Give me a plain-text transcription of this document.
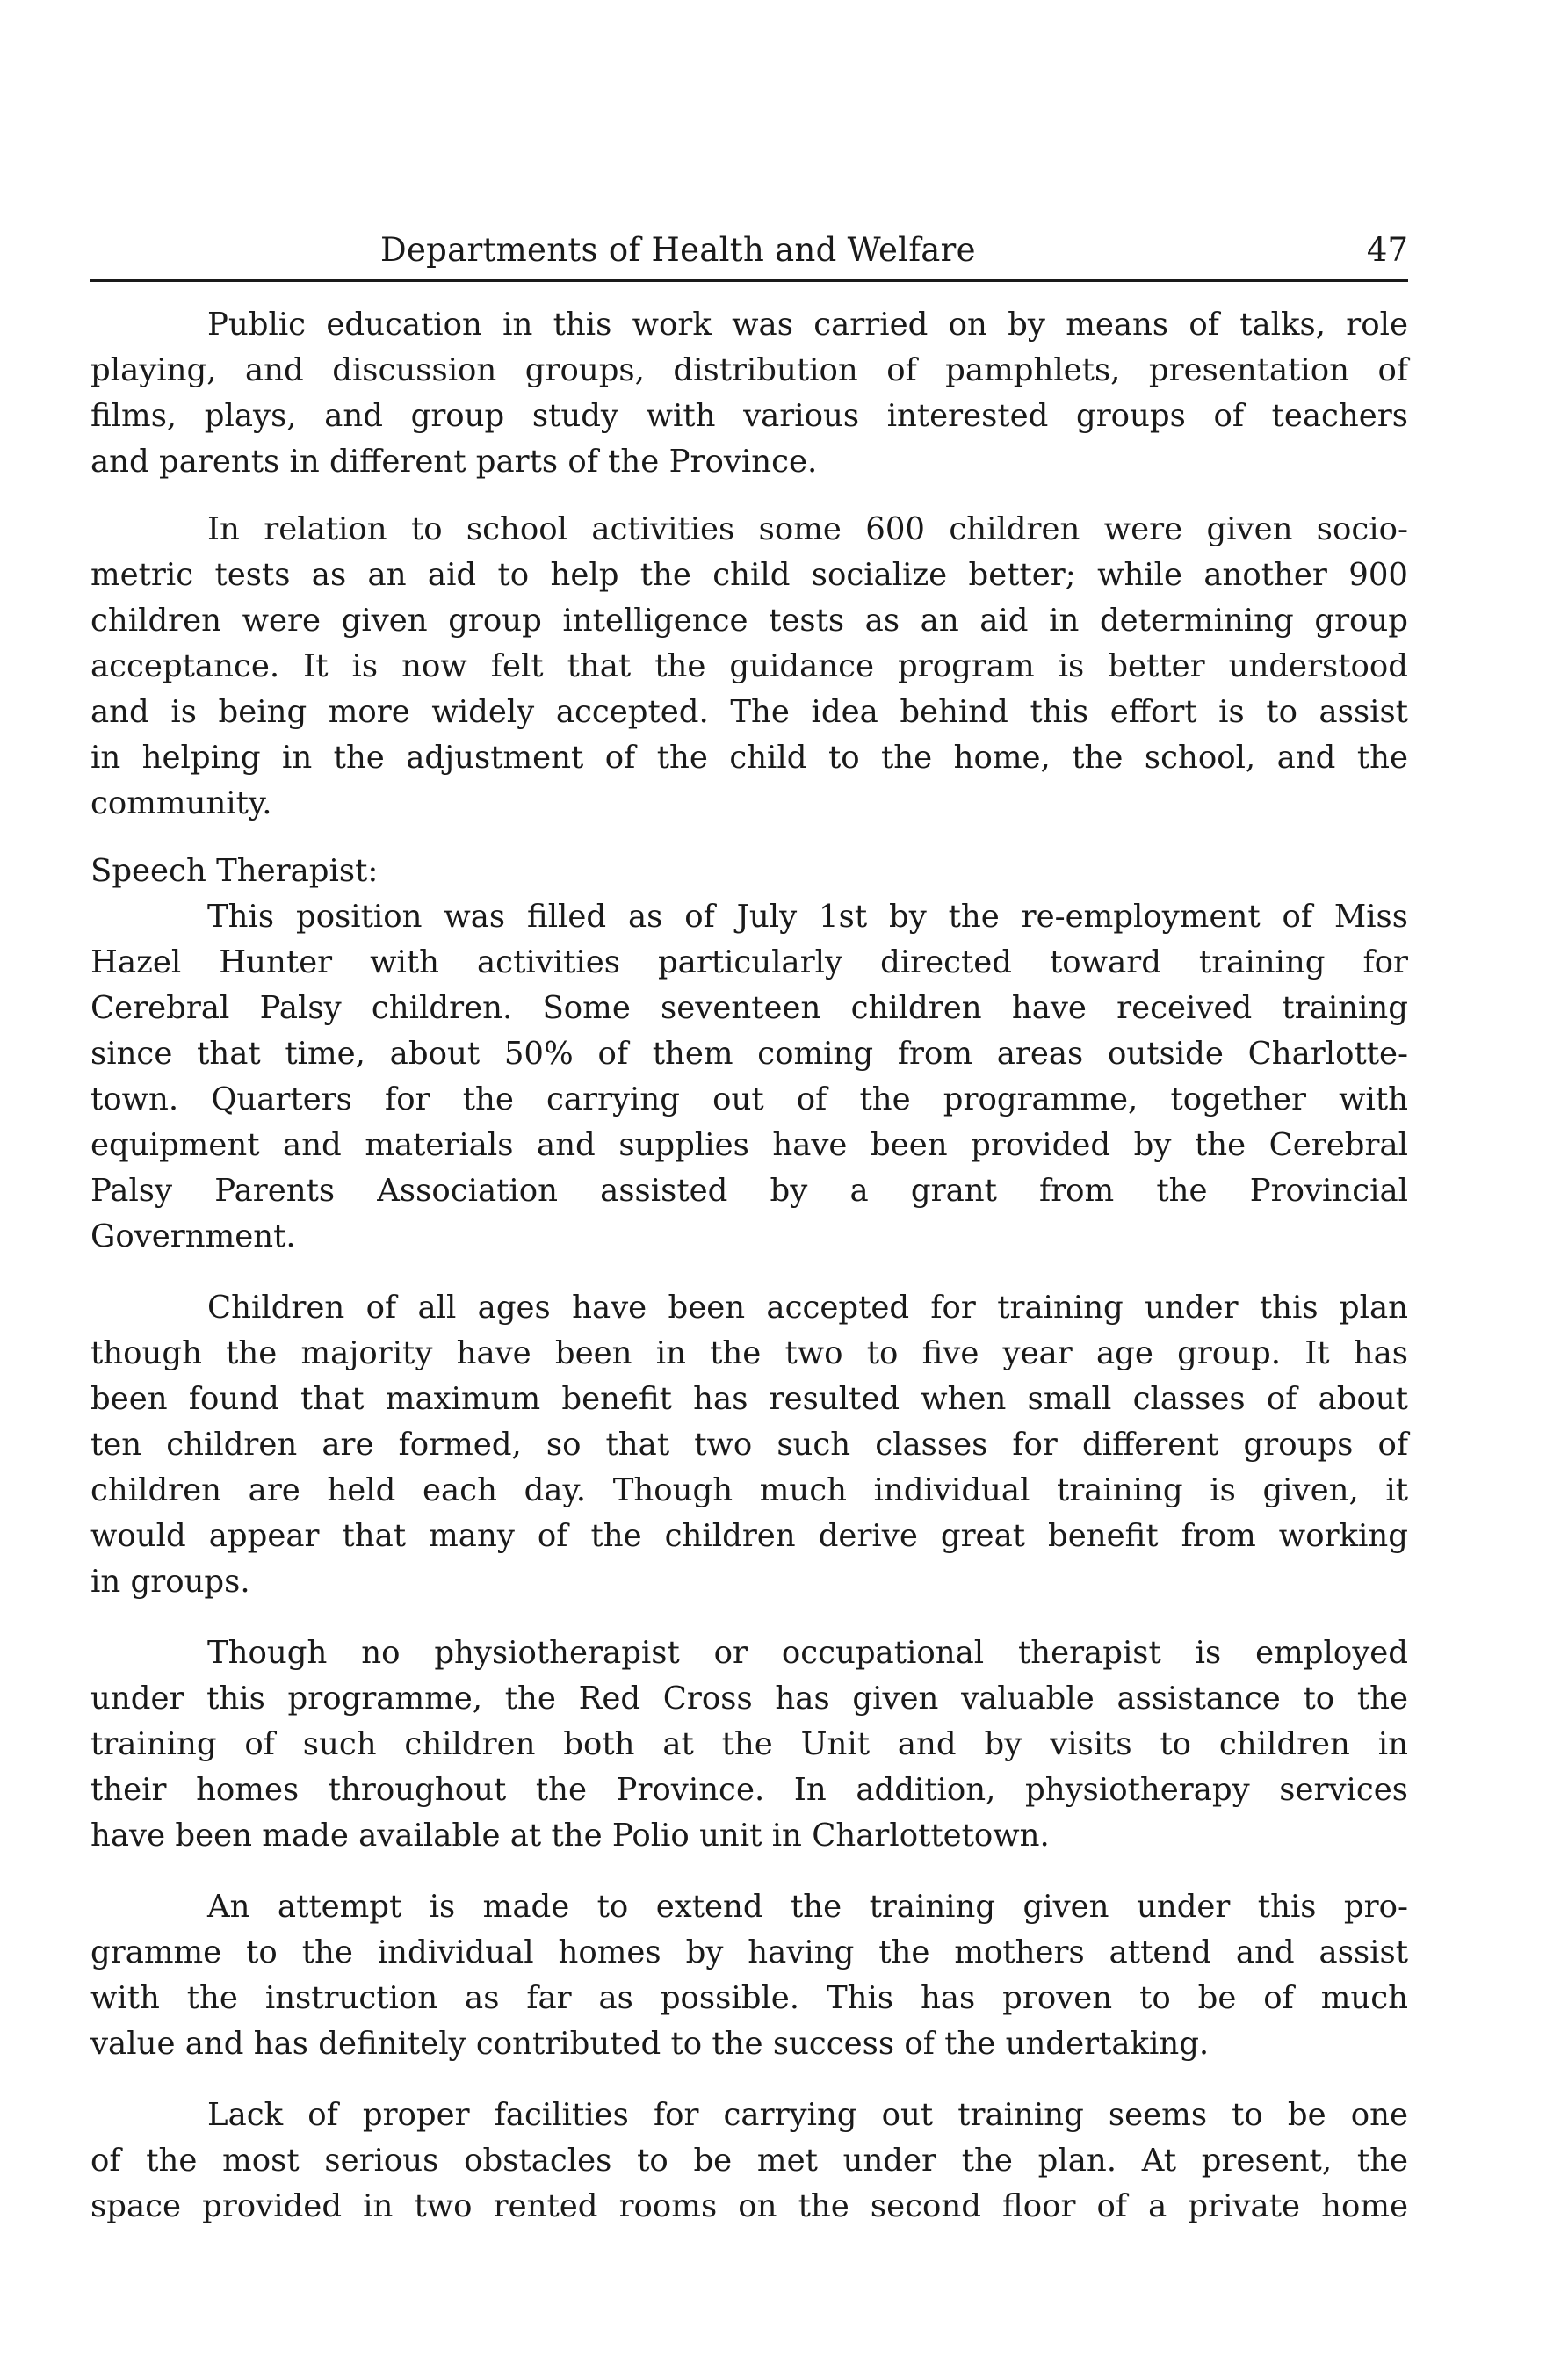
Departments of Health and Welfare	47
Public education in this work was carried on by means of talks, role
playing, and discussion groups, distribution of pamphlets, presentation of
films, plays, and group study with various interested groups of teachers
and parents in different parts of the Province.
In relation to school activities some 600 children were given socio-
metric tests as an aid to help the child socialize better; while another 900
children were given group intelligence tests as an aid in determining group
acceptance. It is now felt that the guidance program is better understood
and is being more widely accepted. The idea behind this effort is to assist
in helping in the adjustment of the child to the home, the school, and the
community.
Speech Therapist:
This position was filled as of July 1st by the re-employment of Miss
Hazel Hunter with activities particularly directed toward training for
Cerebral Palsy children. Some seventeen children have received training
since that time, about 50% of them coming from areas outside Charlotte-
town. Quarters for the carrying out of the programme, together with
equipment and materials and supplies have been provided by the Cerebral
Palsy Parents Association assisted by a grant from the Provincial
Government.
Children of all ages have been accepted for training under this plan
though the majority have been in the two to five year age group. It has
been found that maximum benefit has resulted when small classes of about
ten children are formed, so that two such classes for different groups of
children are held each day. Though much individual training is given, it
would appear that many of the children derive great benefit from working
in groups.
Though no physiotherapist or occupational therapist is employed
under this programme, the Red Cross has given valuable assistance to the
training of such children both at the Unit and by visits to children in
their homes throughout the Province. In addition, physiotherapy services
have been made available at the Polio unit in Charlottetown.
An attempt is made to extend the training given under this pro-
gramme to the individual homes by having the mothers attend and assist
with the instruction as far as possible. This has proven to be of much
value and has definitely contributed to the success of the undertaking.
Lack of proper facilities for carrying out training seems to be one
of the most serious obstacles to be met under the plan. At present, the
space provided in two rented rooms on the second floor of a private home
